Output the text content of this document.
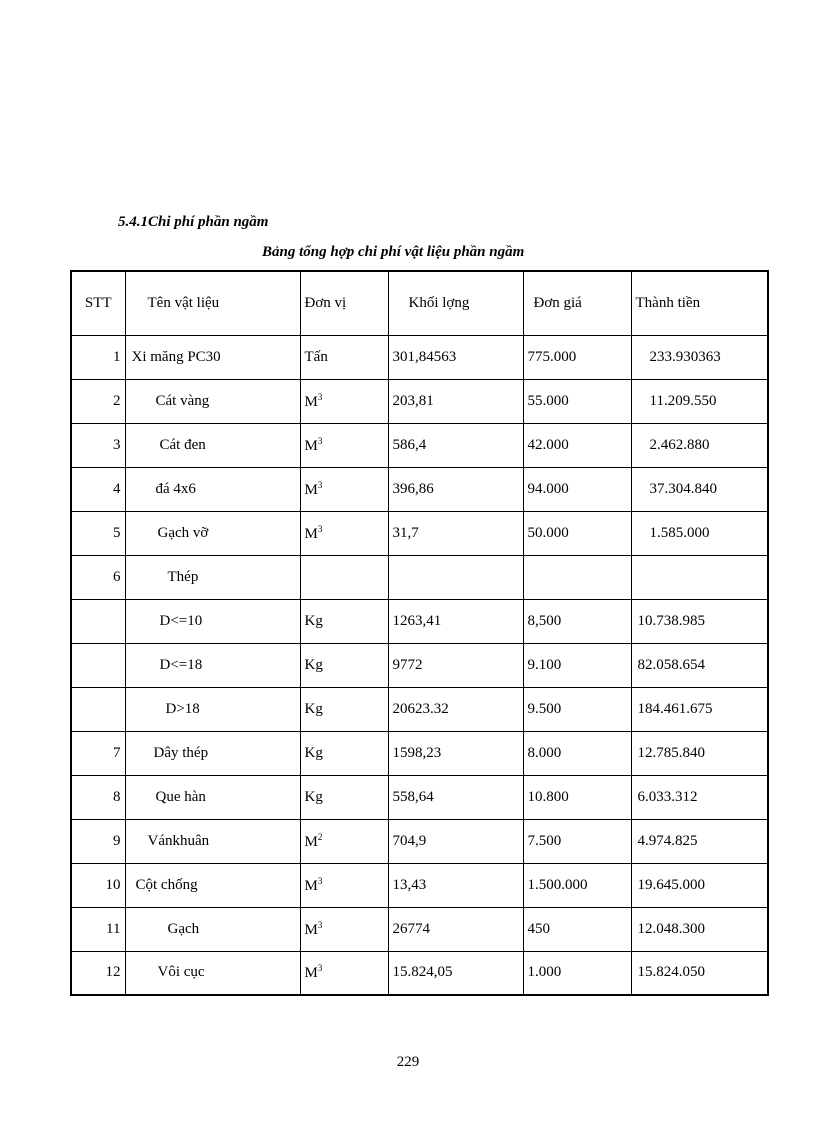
5.4.1Chi phí phần ngầm
Bảng tổng hợp chi phí vật liệu phần ngầm
STT	Tên vật liệu	Đơn vị	Khối lợng	Đơn giá	Thành tiền
1	Xi măng PC30	Tấn	301,84563	775.000	233.930363
2	Cát vàng	$M^3$	203,81	55.000	11.209.550
3	Cát đen	$M^3$	586,4	42.000	2.462.880
4	đá 4x6	$M^3$	396,86	94.000	37.304.840
5	Gạch vỡ	$M^3$	31,7	50.000	1.585.000
6	Thép				
	D<=10	Kg	1263,41	8,500	10.738.985
	D<=18	Kg	9772	9.100	82.058.654
	D>18	Kg	20623.32	9.500	184.461.675
7	Dây thép	Kg	1598,23	8.000	12.785.840
8	Que hàn	Kg	558,64	10.800	6.033.312
9	Vánkhuân	$M^2$	704,9	7.500	4.974.825
10	Cột chống	$M^3$	13,43	1.500.000	19.645.000
11	Gạch	$M^3$	26774	450	12.048.300
12	Vôi cục	$M^3$	15.824,05	1.000	15.824.050

229
